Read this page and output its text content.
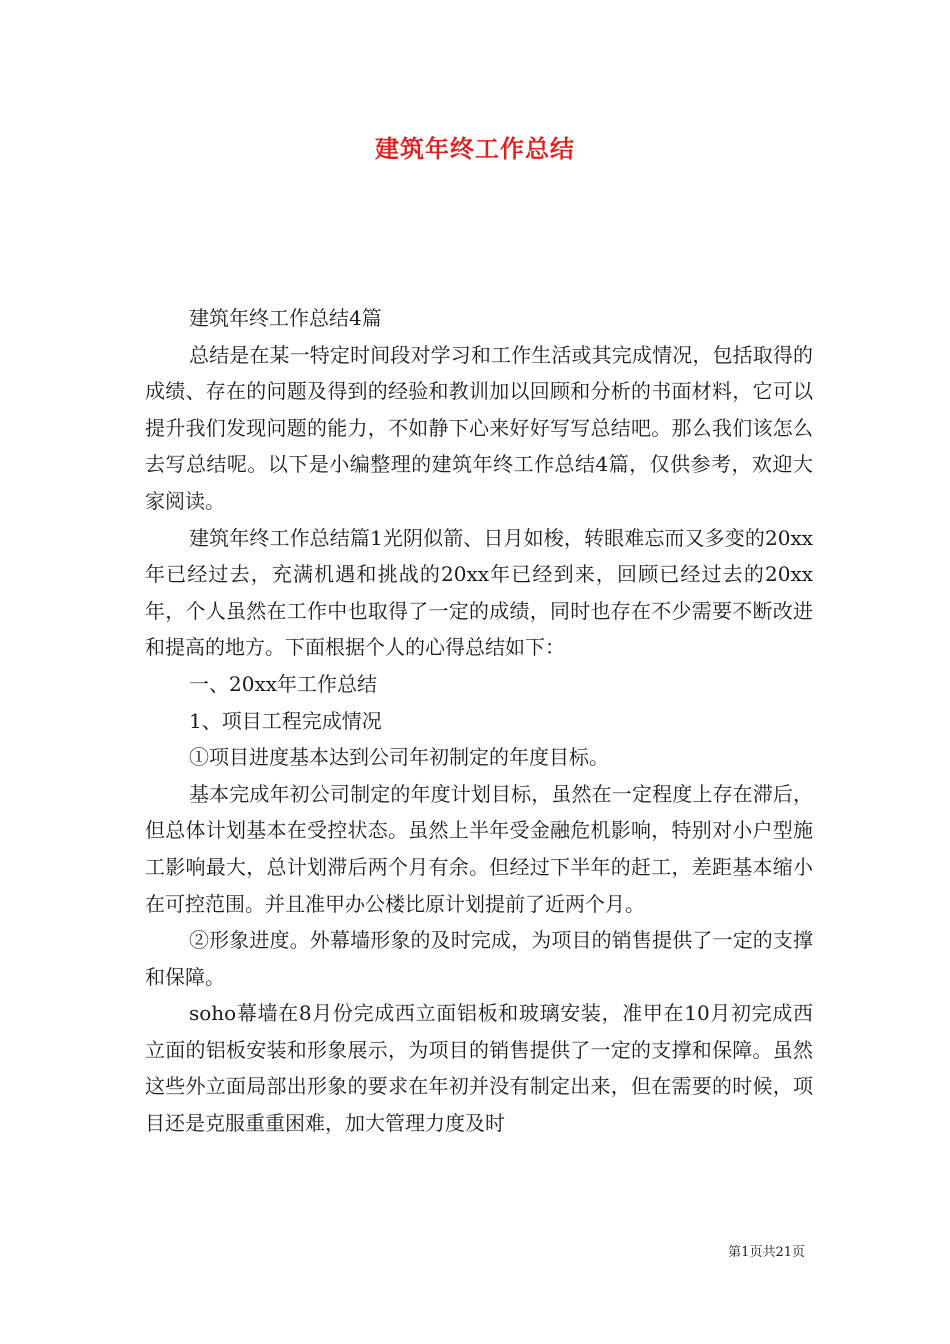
建筑年终工作总结

建筑年终工作总结4篇

总结是在某一特定时间段对学习和工作生活或其完成情况，包括取得的成绩、存在的问题及得到的经验和教训加以回顾和分析的书面材料，它可以提升我们发现问题的能力，不如静下心来好好写写总结吧。那么我们该怎么去写总结呢。以下是小编整理的建筑年终工作总结4篇，仅供参考，欢迎大家阅读。

建筑年终工作总结篇1光阴似箭、日月如梭，转眼难忘而又多变的20xx年已经过去，充满机遇和挑战的20xx年已经到来，回顾已经过去的20xx年，个人虽然在工作中也取得了一定的成绩，同时也存在不少需要不断改进和提高的地方。下面根据个人的心得总结如下：

一、20xx年工作总结

1、项目工程完成情况

①项目进度基本达到公司年初制定的年度目标。

基本完成年初公司制定的年度计划目标，虽然在一定程度上存在滞后，但总体计划基本在受控状态。虽然上半年受金融危机影响，特别对小户型施工影响最大，总计划滞后两个月有余。但经过下半年的赶工，差距基本缩小在可控范围。并且准甲办公楼比原计划提前了近两个月。

②形象进度。外幕墙形象的及时完成，为项目的销售提供了一定的支撑和保障。

soho幕墙在8月份完成西立面铝板和玻璃安装，准甲在10月初完成西立面的铝板安装和形象展示，为项目的销售提供了一定的支撑和保障。虽然这些外立面局部出形象的要求在年初并没有制定出来，但在需要的时候，项目还是克服重重困难，加大管理力度及时

第1页共21页
